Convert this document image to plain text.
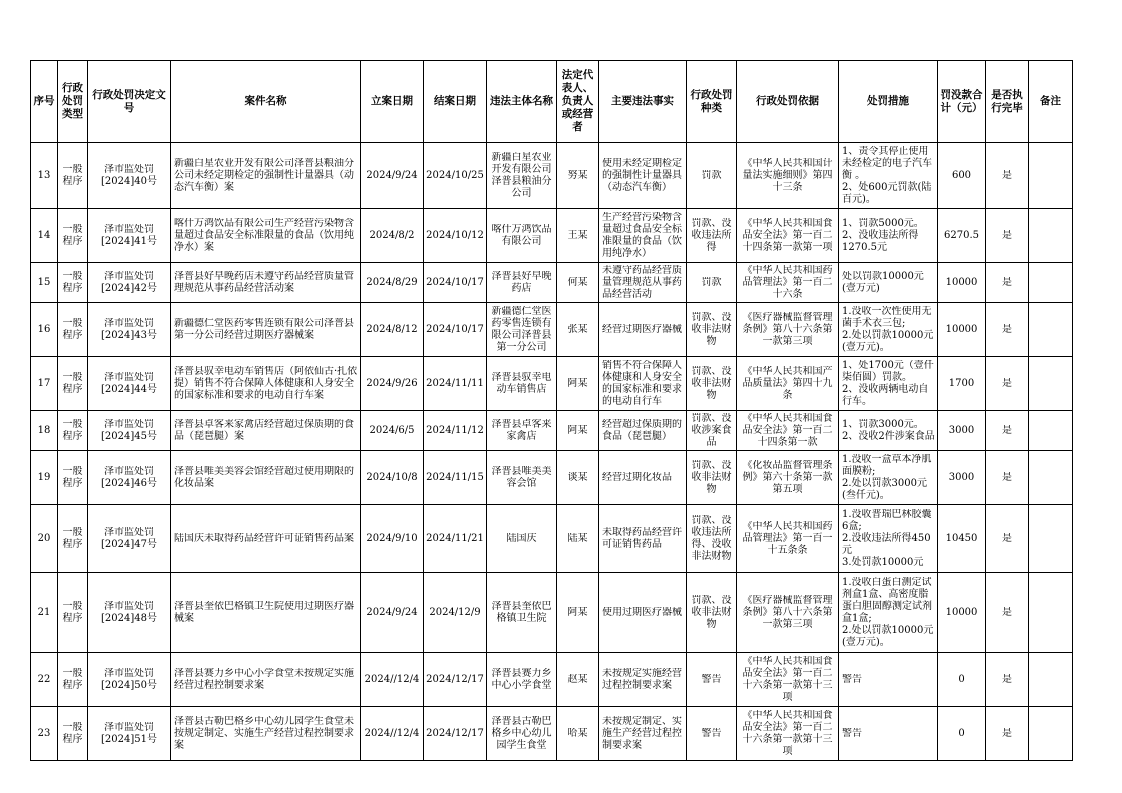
序号	行政处罚类型	行政处罚决定文号	案件名称	立案日期	结案日期	违法主体名称	法定代表人、负责人或经营者	主要违法事实	行政处罚种类	行政处罚依据	处罚措施	罚没款合计（元）	是否执行完毕	备注

13	一般程序	泽市监处罚[2024]40号	新疆白星农业开发有限公司泽普县粮油分公司未经定期检定的强制性计量器具（动态汽车衡）案	2024/9/24	2024/10/25	新疆白星农业开发有限公司泽普县粮油分公司	努某	使用未经定期检定的强制性计量器具（动态汽车衡）	罚款	《中华人民共和国计量法实施细则》第四十三条	1、责令其停止使用未经检定的电子汽车衡 。
2、处600元罚款(陆百元)。	600	是	

14	一般程序	泽市监处罚[2024]41号	喀什万鸿饮品有限公司生产经营污染物含量超过食品安全标准限量的食品（饮用纯净水）案	2024/8/2	2024/10/12	喀什万鸿饮品有限公司	王某	生产经营污染物含量超过食品安全标准限量的食品（饮用纯净水）	罚款、没收违法所得	《中华人民共和国食品安全法》第一百二十四条第一款第一项	1、罚款5000元。
2、没收违法所得1270.5元	6270.5	是	

15	一般程序	泽市监处罚[2024]42号	泽普县好早晚药店未遵守药品经营质量管理规范从事药品经营活动案	2024/8/29	2024/10/17	泽普县好早晚药店	何某	未遵守药品经营质量管理规范从事药品经营活动	罚款	《中华人民共和国药品管理法》第一百二十六条	处以罚款10000元(壹万元)	10000	是	

16	一般程序	泽市监处罚[2024]43号	新疆德仁堂医药零售连锁有限公司泽普县第一分公司经营过期医疗器械案	2024/8/12	2024/10/17	新疆德仁堂医药零售连锁有限公司泽普县第一分公司	张某	经营过期医疗器械	罚款、没收非法财物	《医疗器械监督管理条例》第八十六条第一款第三项	1.没收一次性使用无菌手术衣三包;
2.处以罚款10000元(壹万元)。	10000	是	

17	一般程序	泽市监处罚[2024]44号	泽普县驭幸电动车销售店（阿依仙古·扎依提）销售不符合保障人体健康和人身安全的国家标准和要求的电动自行车案	2024/9/26	2024/11/11	泽普县驭幸电动车销售店	阿某	销售不符合保障人体健康和人身安全的国家标准和要求的电动自行车	罚款、没收非法财物	《中华人民共和国产品质量法》第四十九条	1、处1700元（壹仟柒佰圆）罚款。
2、没收两辆电动自行车。	1700	是	

18	一般程序	泽市监处罚[2024]45号	泽普县卓客来家禽店经营超过保质期的食品（琵琶腿）案	2024/6/5	2024/11/12	泽普县卓客来家禽店	阿某	经营超过保质期的食品（琵琶腿）	罚款、没收涉案食品	《中华人民共和国食品安全法》第一百二十四条第一款	1、罚款3000元。
2、没收2件涉案食品	3000	是	

19	一般程序	泽市监处罚[2024]46号	泽普县唯美美容会馆经营超过使用期限的化妆品案	2024/10/8	2024/11/15	泽普县唯美美容会馆	谈某	经营过期化妆品	罚款、没收非法财物	《化妆品监督管理条例》第六十条第一款第五项	1.没收一盒草本净肌面膜粉;
2.处以罚款3000元(叁仟元)。	3000	是	

20	一般程序	泽市监处罚[2024]47号	陆国庆未取得药品经营许可证销售药品案	2024/9/10	2024/11/21	陆国庆	陆某	未取得药品经营许可证销售药品	罚款、没收违法所得、没收非法财物	《中华人民共和国药品管理法》第一百一十五条条	1.没收普瑞巴林胶囊6盒;
2.没收违法所得450元
3.处罚款10000元	10450	是	

21	一般程序	泽市监处罚[2024]48号	泽普县奎依巴格镇卫生院使用过期医疗器械案	2024/9/24	2024/12/9	泽普县奎依巴格镇卫生院	阿某	使用过期医疗器械	罚款、没收非法财物	《医疗器械监督管理条例》第八十六条第一款第三项	1.没收白蛋白测定试剂盒1盒、高密度脂蛋白胆固醇测定试剂盒1盒;
2.处以罚款10000元(壹万元)。	10000	是	

22	一般程序	泽市监处罚[2024]50号	泽普县赛力乡中心小学食堂未按规定实施经营过程控制要求案	2024//12/4	2024/12/17	泽普县赛力乡中心小学食堂	赵某	未按规定实施经营过程控制要求案	警告	《中华人民共和国食品安全法》第一百二十六条第一款第十三项	警告	0	是	

23	一般程序	泽市监处罚[2024]51号	泽普县古勒巴格乡中心幼儿园学生食堂未按规定制定、实施生产经营过程控制要求案	2024//12/4	2024/12/17	泽普县古勒巴格乡中心幼儿园学生食堂	哈某	未按规定制定、实施生产经营过程控制要求案	警告	《中华人民共和国食品安全法》第一百二十六条第一款第十三项	警告	0	是	
